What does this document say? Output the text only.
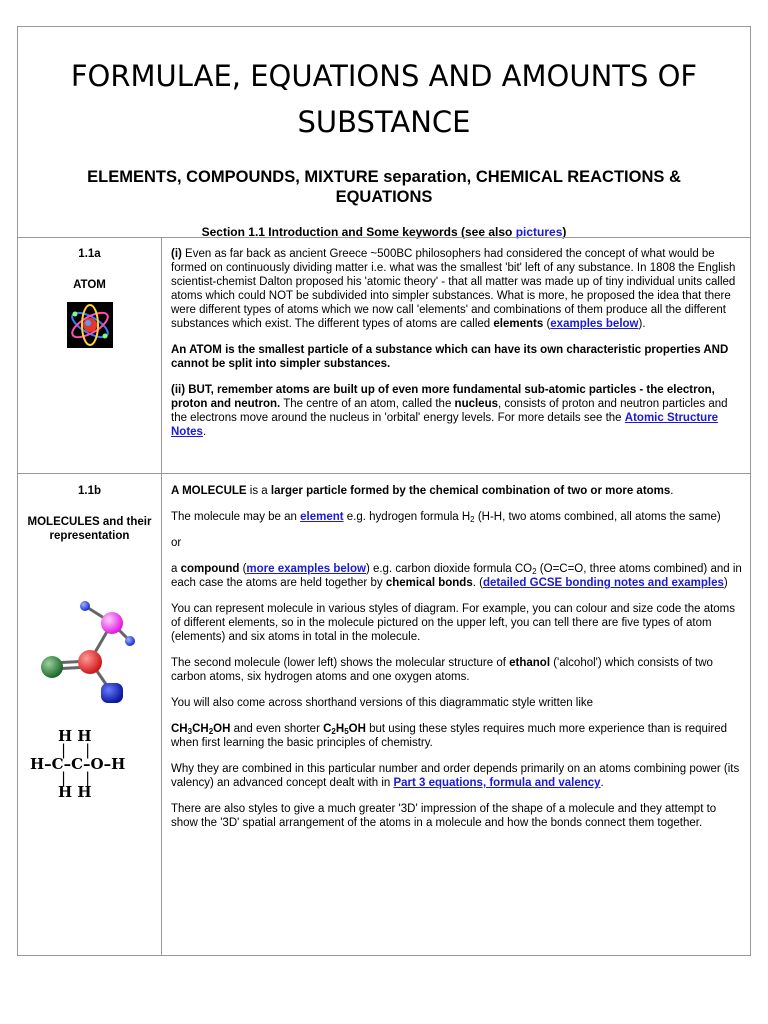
FORMULAE, EQUATIONS AND AMOUNTS OF SUBSTANCE
ELEMENTS, COMPOUNDS, MIXTURE separation, CHEMICAL REACTIONS & EQUATIONS
Section 1.1 Introduction and Some keywords (see also pictures)
1.1a
ATOM

(i) Even as far back as ancient Greece ~500BC philosophers had considered the concept of what would be formed on continuously dividing matter i.e. what was the smallest 'bit' left of any substance. In 1808 the English scientist-chemist Dalton proposed his 'atomic theory' - that all matter was made up of tiny individual units called atoms which could NOT be subdivided into simpler substances. What is more, he proposed the idea that there were different types of atoms which we now call 'elements' and combinations of them produce all the different substances which exist. The different types of atoms are called elements (examples below).

An ATOM is the smallest particle of a substance which can have its own characteristic properties AND cannot be split into simpler substances.

(ii) BUT, remember atoms are built up of even more fundamental sub-atomic particles - the electron, proton and neutron. The centre of an atom, called the nucleus, consists of proton and neutron particles and the electrons move around the nucleus in 'orbital' energy levels. For more details see the Atomic Structure Notes.

1.1b
MOLECULES and their representation
H H
|    |
H–C–C–O–H
|    |
H H

A MOLECULE is a larger particle formed by the chemical combination of two or more atoms.

The molecule may be an element e.g. hydrogen formula $H_2$ (H-H, two atoms combined, all atoms the same)

or

a compound (more examples below) e.g. carbon dioxide formula $CO_2$ (O=C=O, three atoms combined) and in each case the atoms are held together by chemical bonds. (detailed GCSE bonding notes and examples)

You can represent molecule in various styles of diagram. For example, you can colour and size code the atoms of different elements, so in the molecule pictured on the upper left, you can tell there are five types of atom (elements) and six atoms in total in the molecule.

The second molecule (lower left) shows the molecular structure of ethanol ('alcohol') which consists of two carbon atoms, six hydrogen atoms and one oxygen atoms.

You will also come across shorthand versions of this diagrammatic style written like

$CH_3CH_2OH$ and even shorter $C_2H_5OH$ but using these styles requires much more experience than is required when first learning the basic principles of chemistry.

Why they are combined in this particular number and order depends primarily on an atoms combining power (its valency) an advanced concept dealt with in Part 3 equations, formula and valency.

There are also styles to give a much greater '3D' impression of the shape of a molecule and they attempt to show the '3D' spatial arrangement of the atoms in a molecule and how the bonds connect them together.
